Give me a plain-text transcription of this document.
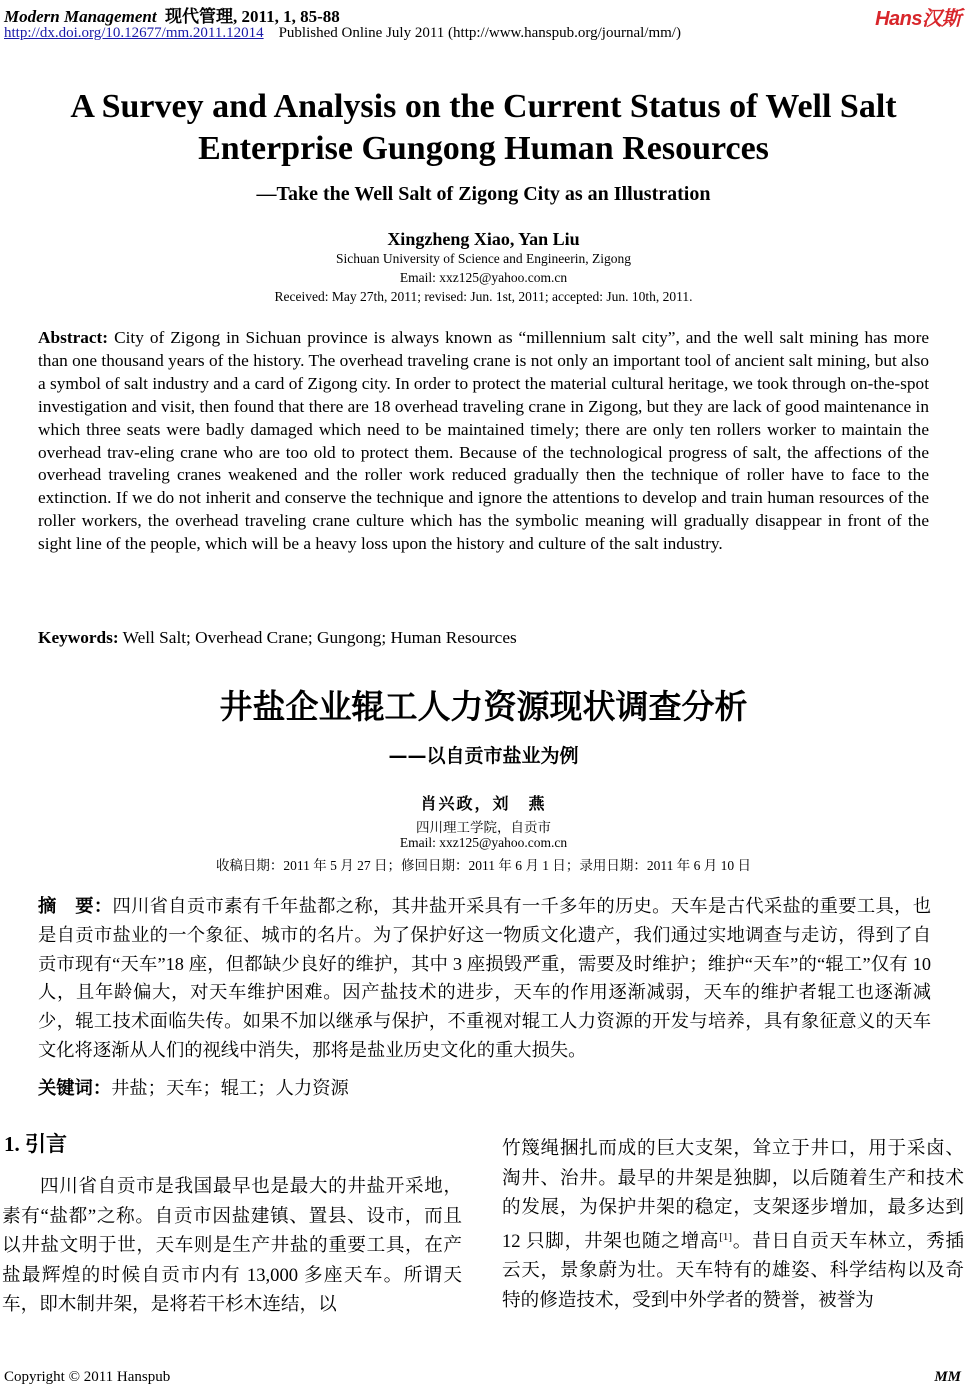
Modern Management 现代管理, 2011, 1, 85-88
http://dx.doi.org/10.12677/mm.2011.12014 Published Online July 2011 (http://www.hanspub.org/journal/mm/)
Hans汉斯
A Survey and Analysis on the Current Status of Well Salt Enterprise Gungong Human Resources
—Take the Well Salt of Zigong City as an Illustration
Xingzheng Xiao, Yan Liu
Sichuan University of Science and Engineerin, Zigong
Email: xxz125@yahoo.com.cn
Received: May 27th, 2011; revised: Jun. 1st, 2011; accepted: Jun. 10th, 2011.
Abstract: City of Zigong in Sichuan province is always known as “millennium salt city”, and the well salt mining has more than one thousand years of the history. The overhead traveling crane is not only an important tool of ancient salt mining, but also a symbol of salt industry and a card of Zigong city. In order to protect the material cultural heritage, we took through on-the-spot investigation and visit, then found that there are 18 overhead traveling crane in Zigong, but they are lack of good maintenance in which three seats were badly damaged which need to be maintained timely; there are only ten rollers worker to maintain the overhead trav-eling crane who are too old to protect them. Because of the technological progress of salt, the affections of the overhead traveling cranes weakened and the roller work reduced gradually then the technique of roller have to face to the extinction. If we do not inherit and conserve the technique and ignore the attentions to develop and train human resources of the roller workers, the overhead traveling crane culture which has the symbolic meaning will gradually disappear in front of the sight line of the people, which will be a heavy loss upon the history and culture of the salt industry.
Keywords: Well Salt; Overhead Crane; Gungong; Human Resources
井盐企业辊工人力资源现状调查分析
——以自贡市盐业为例
肖兴政，刘　燕
四川理工学院，自贡市
Email: xxz125@yahoo.com.cn
收稿日期：2011 年 5 月 27 日；修回日期：2011 年 6 月 1 日；录用日期：2011 年 6 月 10 日
摘　要：四川省自贡市素有千年盐都之称，其井盐开采具有一千多年的历史。天车是古代采盐的重要工具，也是自贡市盐业的一个象征、城市的名片。为了保护好这一物质文化遗产，我们通过实地调查与走访，得到了自贡市现有“天车”18 座，但都缺少良好的维护，其中 3 座损毁严重，需要及时维护；维护“天车”的“辊工”仅有 10 人，且年龄偏大，对天车维护困难。因产盐技术的进步，天车的作用逐渐减弱，天车的维护者辊工也逐渐减少，辊工技术面临失传。如果不加以继承与保护，不重视对辊工人力资源的开发与培养，具有象征意义的天车文化将逐渐从人们的视线中消失，那将是盐业历史文化的重大损失。
关键词：井盐；天车；辊工；人力资源
1. 引言
四川省自贡市是我国最早也是最大的井盐开采地，素有“盐都”之称。自贡市因盐建镇、置县、设市，而且以井盐文明于世，天车则是生产井盐的重要工具，在产盐最辉煌的时候自贡市内有 13,000 多座天车。所谓天车，即木制井架，是将若干杉木连结，以
竹篾绳捆扎而成的巨大支架，耸立于井口，用于采卤、淘井、治井。最早的井架是独脚，以后随着生产和技术的发展，为保护井架的稳定，支架逐步增加，最多达到 12 只脚，井架也随之增高[1]。昔日自贡天车林立，秀插云天，景象蔚为壮。天车特有的雄姿、科学结构以及奇特的修造技术，受到中外学者的赞誉，被誉为
Copyright © 2011 Hanspub	MM
